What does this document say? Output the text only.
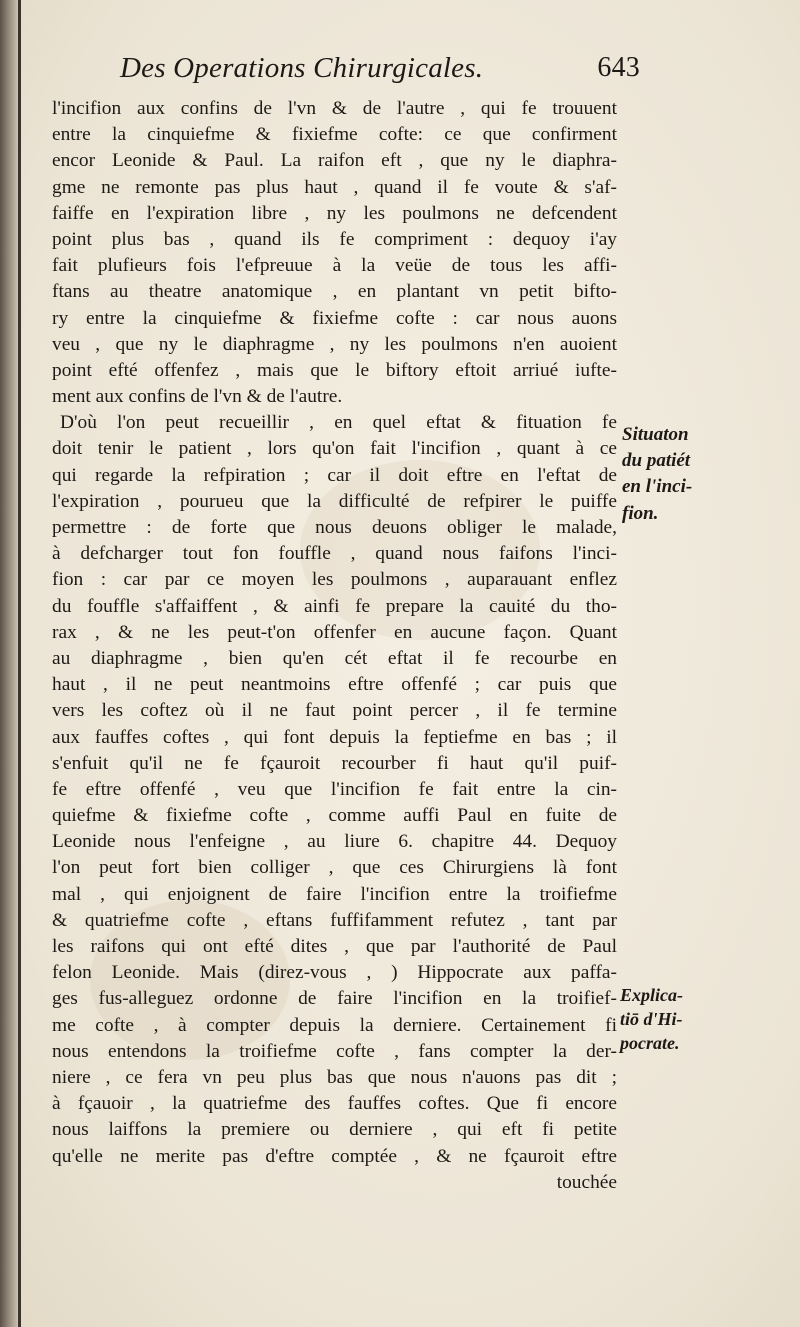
Des Operations Chirurgicales.	643
l'incifion aux confins de l'vn & de l'autre , qui fe trouuent
entre la cinquiefme & fixiefme cofte: ce que confirment
encor Leonide & Paul. La raifon eft , que ny le diaphra-
gme ne remonte pas plus haut , quand il fe voute & s'af-
faiffe en l'expiration libre , ny les poulmons ne defcendent
point plus bas , quand ils fe compriment : dequoy i'ay
fait plufieurs fois l'efpreuue à la veüe de tous les affi-
ftans au theatre anatomique , en plantant vn petit bifto-
ry entre la cinquiefme & fixiefme cofte : car nous auons
veu , que ny le diaphragme , ny les poulmons n'en auoient
point efté offenfez , mais que le biftory eftoit arriué iufte-
ment aux confins de l'vn & de l'autre.
D'où l'on peut recueillir , en quel eftat & fituation fe
doit tenir le patient , lors qu'on fait l'incifion , quant à ce
qui regarde la refpiration ; car il doit eftre en l'eftat de
l'expiration , pourueu que la difficulté de refpirer le puiffe
permettre : de forte que nous deuons obliger le malade,
à defcharger tout fon fouffle , quand nous faifons l'inci-
fion : car par ce moyen les poulmons , auparauant enflez
du fouffle s'affaiffent , & ainfi fe prepare la cauité du tho-
rax , & ne les peut-t'on offenfer en aucune façon. Quant
au diaphragme , bien qu'en cét eftat il fe recourbe en
haut , il ne peut neantmoins eftre offenfé ; car puis que
vers les coftez où il ne faut point percer , il fe termine
aux fauffes coftes , qui font depuis la feptiefme en bas ; il
s'enfuit qu'il ne fe fçauroit recourber fi haut qu'il puif-
fe eftre offenfé , veu que l'incifion fe fait entre la cin-
quiefme & fixiefme cofte , comme auffi Paul en fuite de
Leonide nous l'enfeigne , au liure 6. chapitre 44. Dequoy
l'on peut fort bien colliger , que ces Chirurgiens là font
mal , qui enjoignent de faire l'incifion entre la troifiefme
& quatriefme cofte , eftans fuffifamment refutez , tant par
les raifons qui ont efté dites , que par l'authorité de Paul
felon Leonide. Mais (direz-vous , ) Hippocrate aux paffa-
ges fus-alleguez ordonne de faire l'incifion en la troifief-
me cofte , à compter depuis la derniere. Certainement fi
nous entendons la troifiefme cofte , fans compter la der-
niere , ce fera vn peu plus bas que nous n'auons pas dit ;
à fçauoir , la quatriefme des fauffes coftes. Que fi encore
nous laiffons la premiere ou derniere , qui eft fi petite
qu'elle ne merite pas d'eftre comptée , & ne fçauroit eftre
touchée
Situaton
du patiét
en l'inci-
fion.
Explica-
tiō d'Hi-
pocrate.
